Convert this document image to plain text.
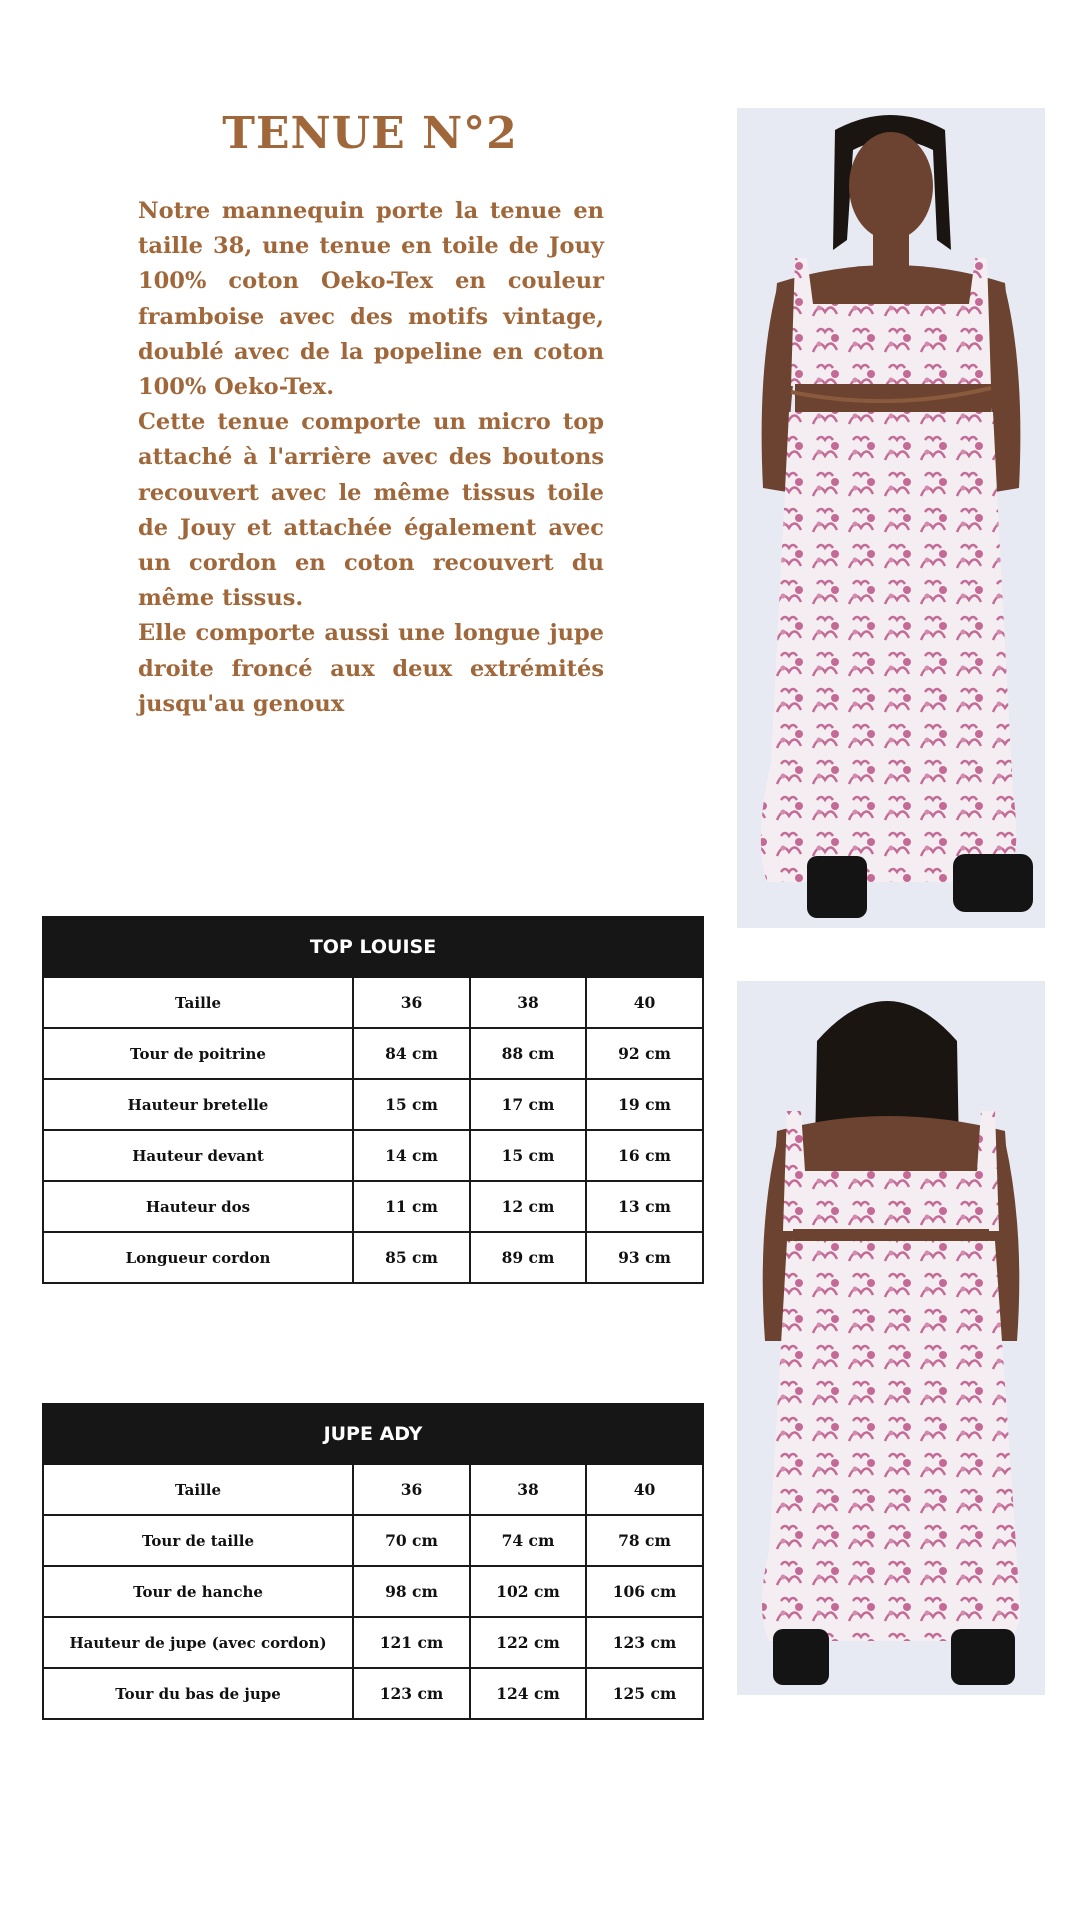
TENUE N°2

Notre mannequin porte la tenue en taille 38, une tenue en toile de Jouy 100% coton Oeko-Tex en couleur framboise avec des motifs vintage, doublé avec de la popeline en coton 100% Oeko-Tex.

Cette tenue comporte un micro top attaché à l'arrière avec des boutons recouvert avec le même tissus toile de Jouy et attachée également avec un cordon en coton recouvert du même tissus.

Elle comporte aussi une longue jupe droite froncé aux deux extrémités jusqu'au genoux

TOP LOUISE			
Taille	36	38	40
Tour de poitrine	84 cm	88 cm	92 cm
Hauteur bretelle	15 cm	17 cm	19 cm
Hauteur devant	14 cm	15 cm	16 cm
Hauteur dos	11 cm	12 cm	13 cm
Longueur cordon	85 cm	89 cm	93 cm
JUPE ADY			
Taille	36	38	40
Tour de taille	70 cm	74 cm	78 cm
Tour de hanche	98 cm	102 cm	106 cm
Hauteur de jupe (avec cordon)	121 cm	122 cm	123 cm
Tour du bas de jupe	123 cm	124 cm	125 cm
